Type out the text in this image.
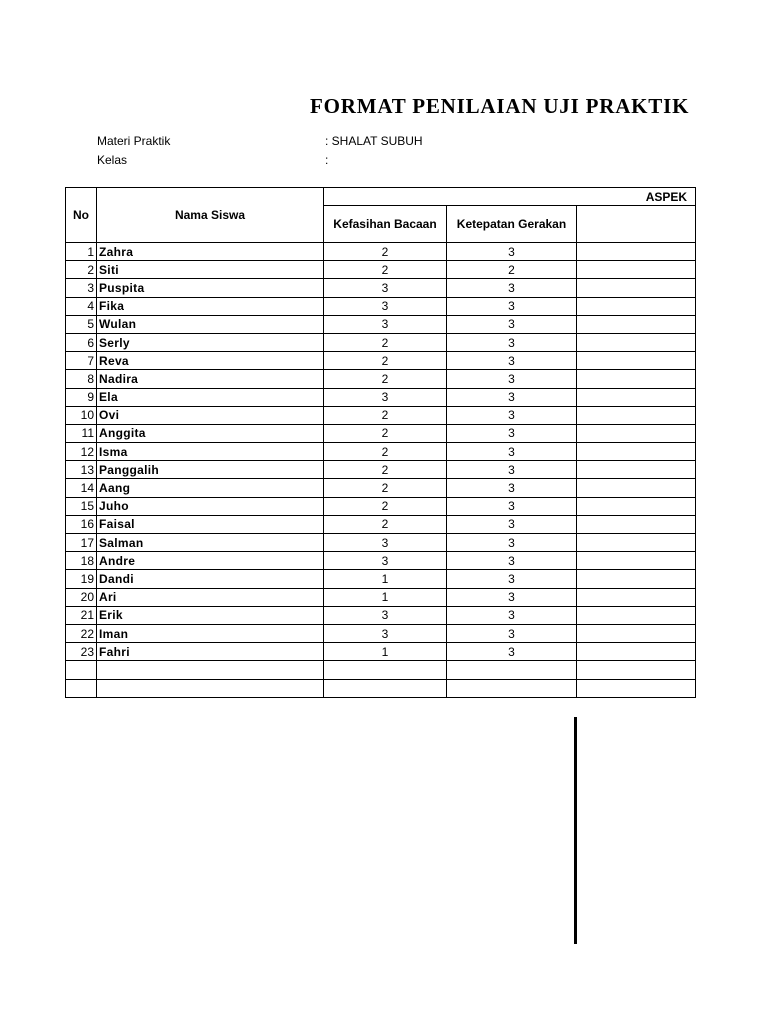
FORMAT PENILAIAN UJI PRAKTIK
Materi Praktik	: SHALAT SUBUH
Kelas	:
No	Nama Siswa	ASPEK		
		Kefasihan Bacaan	Ketepatan Gerakan	
1	Zahra	2	3	
2	Siti	2	2	
3	Puspita	3	3	
4	Fika	3	3	
5	Wulan	3	3	
6	Serly	2	3	
7	Reva	2	3	
8	Nadira	2	3	
9	Ela	3	3	
10	Ovi	2	3	
11	Anggita	2	3	
12	Isma	2	3	
13	Panggalih	2	3	
14	Aang	2	3	
15	Juho	2	3	
16	Faisal	2	3	
17	Salman	3	3	
18	Andre	3	3	
19	Dandi	1	3	
20	Ari	1	3	
21	Erik	3	3	
22	Iman	3	3	
23	Fahri	1	3	
